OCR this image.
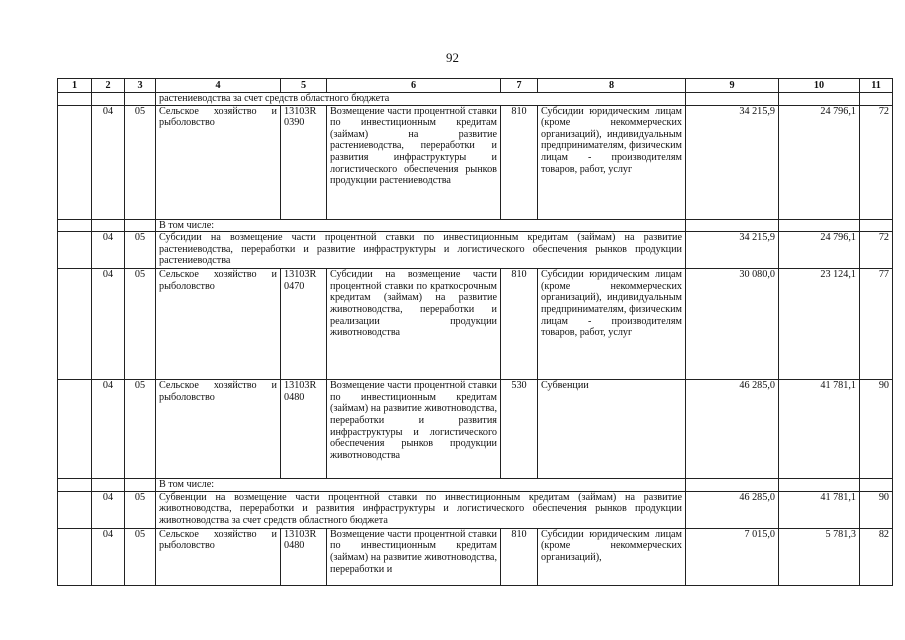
92
1	2	3	4	5	6	7	8	9	10	11
			растениеводства за счет средств областного бюджета							
	04	05	Сельское хозяйство и рыболовство	13103R 0390	Возмещение части процентной ставки по инвестиционным кредитам (займам) на развитие растениеводства, переработки и развития инфраструктуры и логистического обеспечения рынков продукции растениеводства	810	Субсидии юридическим лицам (кроме некоммерческих организаций), индивидуальным предпринимателям, физическим лицам - производителям товаров, работ, услуг	34 215,9	24 796,1	72
			В том числе:							
	04	05	Субсидии на возмещение части процентной ставки по инвестиционным кредитам (займам) на развитие растениеводства, переработки и развитие инфраструктуры и логистического обеспечения рынков продукции растениеводства					34 215,9	24 796,1	72
	04	05	Сельское хозяйство и рыболовство	13103R 0470	Субсидии на возмещение части процентной ставки по краткосрочным кредитам (займам) на развитие животноводства, переработки и реализации продукции животноводства	810	Субсидии юридическим лицам (кроме некоммерческих организаций), индивидуальным предпринимателям, физическим лицам - производителям товаров, работ, услуг	30 080,0	23 124,1	77
	04	05	Сельское хозяйство и рыболовство	13103R 0480	Возмещение части процентной ставки по инвестиционным кредитам (займам) на развитие животноводства, переработки и развития инфраструктуры и логистического обеспечения рынков продукции животноводства	530	Субвенции	46 285,0	41 781,1	90
			В том числе:							
	04	05	Субвенции на возмещение части процентной ставки по инвестиционным кредитам (займам) на развитие животноводства, переработки и развития инфраструктуры и логистического обеспечения рынков продукции животноводства за счет средств областного бюджета					46 285,0	41 781,1	90
	04	05	Сельское хозяйство и рыболовство	13103R 0480	Возмещение части процентной ставки по инвестиционным кредитам (займам) на развитие животноводства, переработки и	810	Субсидии юридическим лицам (кроме некоммерческих организаций),	7 015,0	5 781,3	82
